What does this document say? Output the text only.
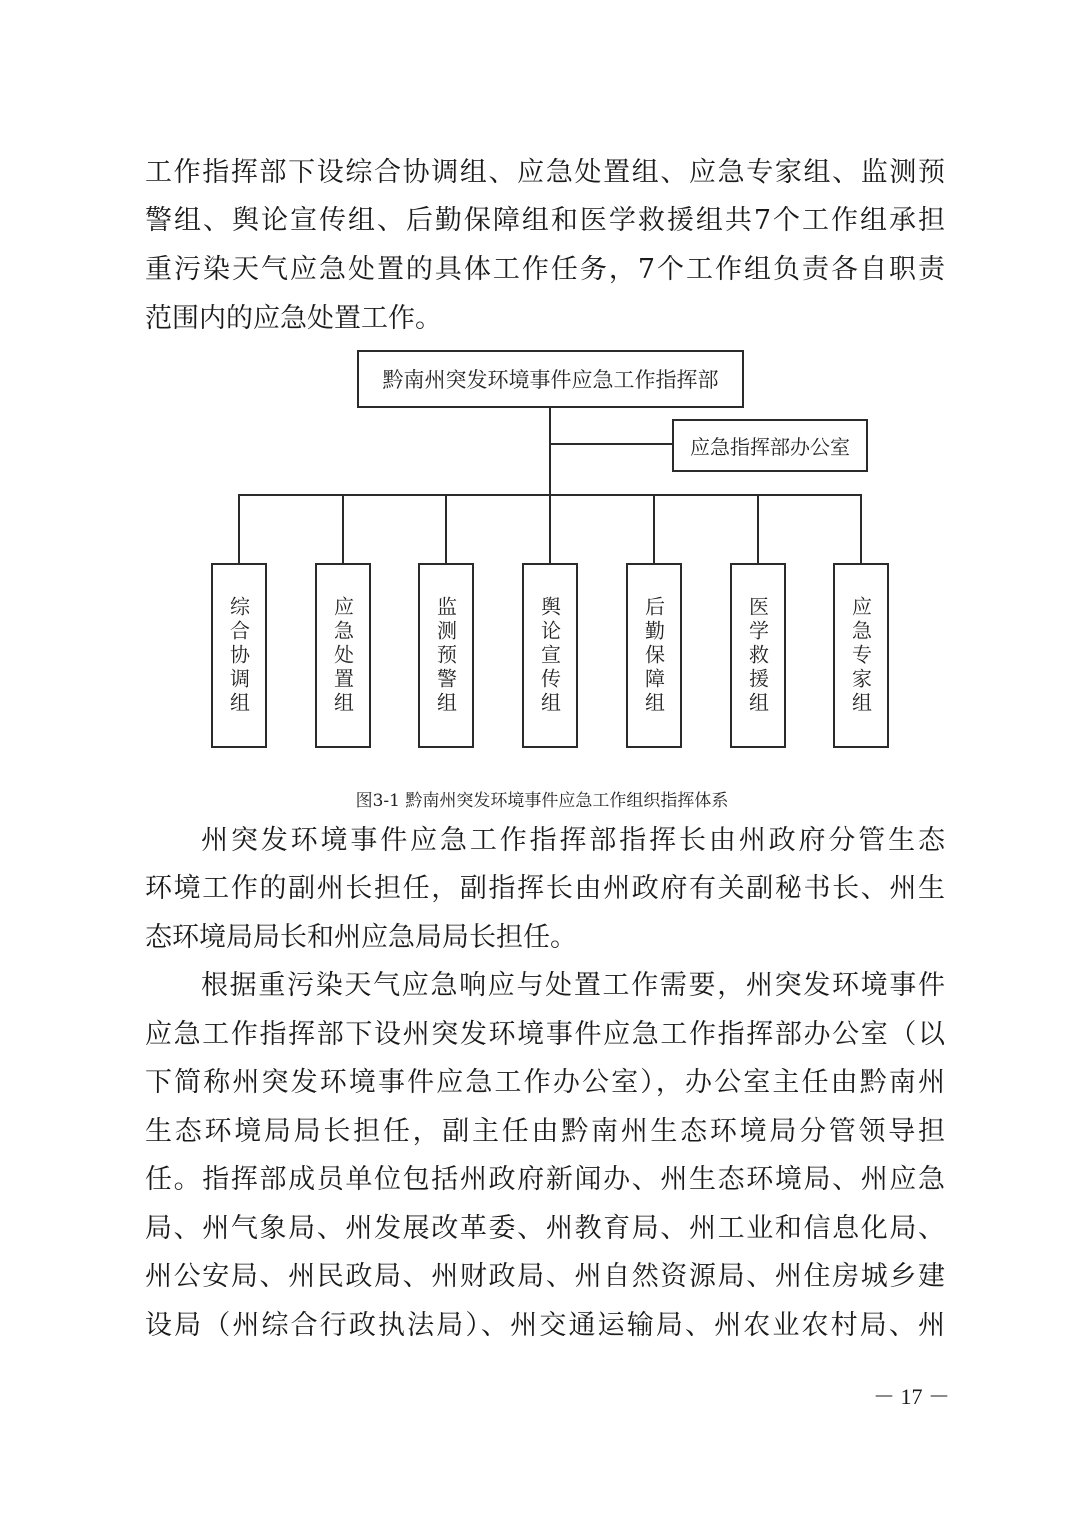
工作指挥部下设综合协调组、应急处置组、应急专家组、监测预
警组、舆论宣传组、后勤保障组和医学救援组共7个工作组承担
重污染天气应急处置的具体工作任务，7个工作组负责各自职责
范围内的应急处置工作。
黔南州突发环境事件应急工作指挥部
应急指挥部办公室
综合协调组	应急处置组	监测预警组	舆论宣传组	后勤保障组	医学救援组	应急专家组
图3-1 黔南州突发环境事件应急工作组织指挥体系
州突发环境事件应急工作指挥部指挥长由州政府分管生态
环境工作的副州长担任，副指挥长由州政府有关副秘书长、州生
态环境局局长和州应急局局长担任。
根据重污染天气应急响应与处置工作需要，州突发环境事件
应急工作指挥部下设州突发环境事件应急工作指挥部办公室（以
下简称州突发环境事件应急工作办公室），办公室主任由黔南州
生态环境局局长担任，副主任由黔南州生态环境局分管领导担
任。指挥部成员单位包括州政府新闻办、州生态环境局、州应急
局、州气象局、州发展改革委、州教育局、州工业和信息化局、
州公安局、州民政局、州财政局、州自然资源局、州住房城乡建
设局（州综合行政执法局）、州交通运输局、州农业农村局、州
－ 17 －
